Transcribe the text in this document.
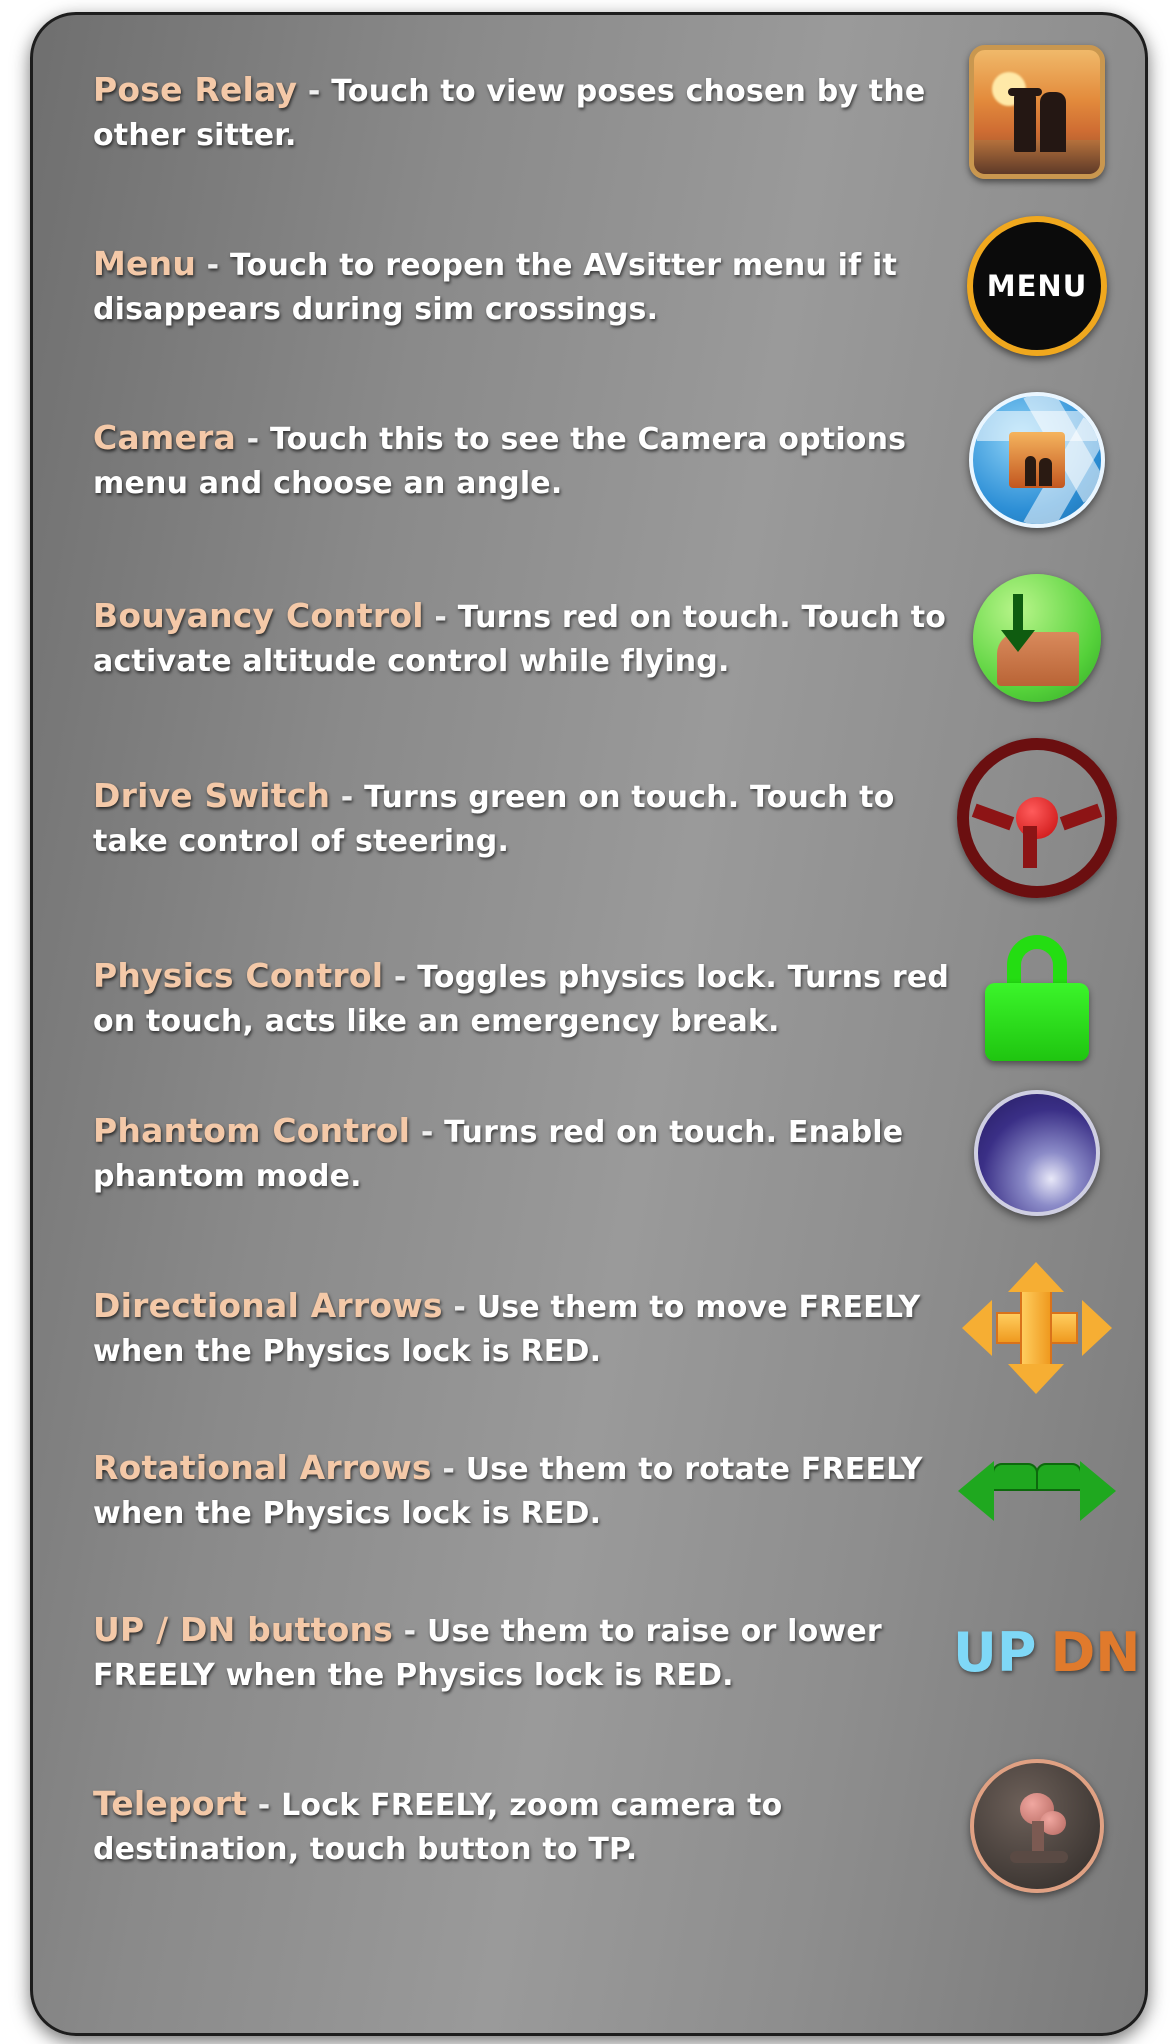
Pose Relay - Touch to view poses chosen by the other sitter.
Menu - Touch to reopen the AVsitter menu if it disappears during sim crossings.
MENU
Camera - Touch this to see the Camera options menu and choose an angle.
Bouyancy Control - Turns red on touch. Touch to activate altitude control while flying.
Drive Switch - Turns green on touch. Touch to take control of steering.
Physics Control - Toggles physics lock. Turns red on touch, acts like an emergency break.
Phantom Control - Turns red on touch. Enable phantom mode.
Directional Arrows - Use them to move FREELY when the Physics lock is RED.
Rotational Arrows - Use them to rotate FREELY when the Physics lock is RED.
UP / DN buttons - Use them to raise or lower FREELY when the Physics lock is RED.	UP DN
Teleport - Lock FREELY, zoom camera to destination, touch button to TP.
